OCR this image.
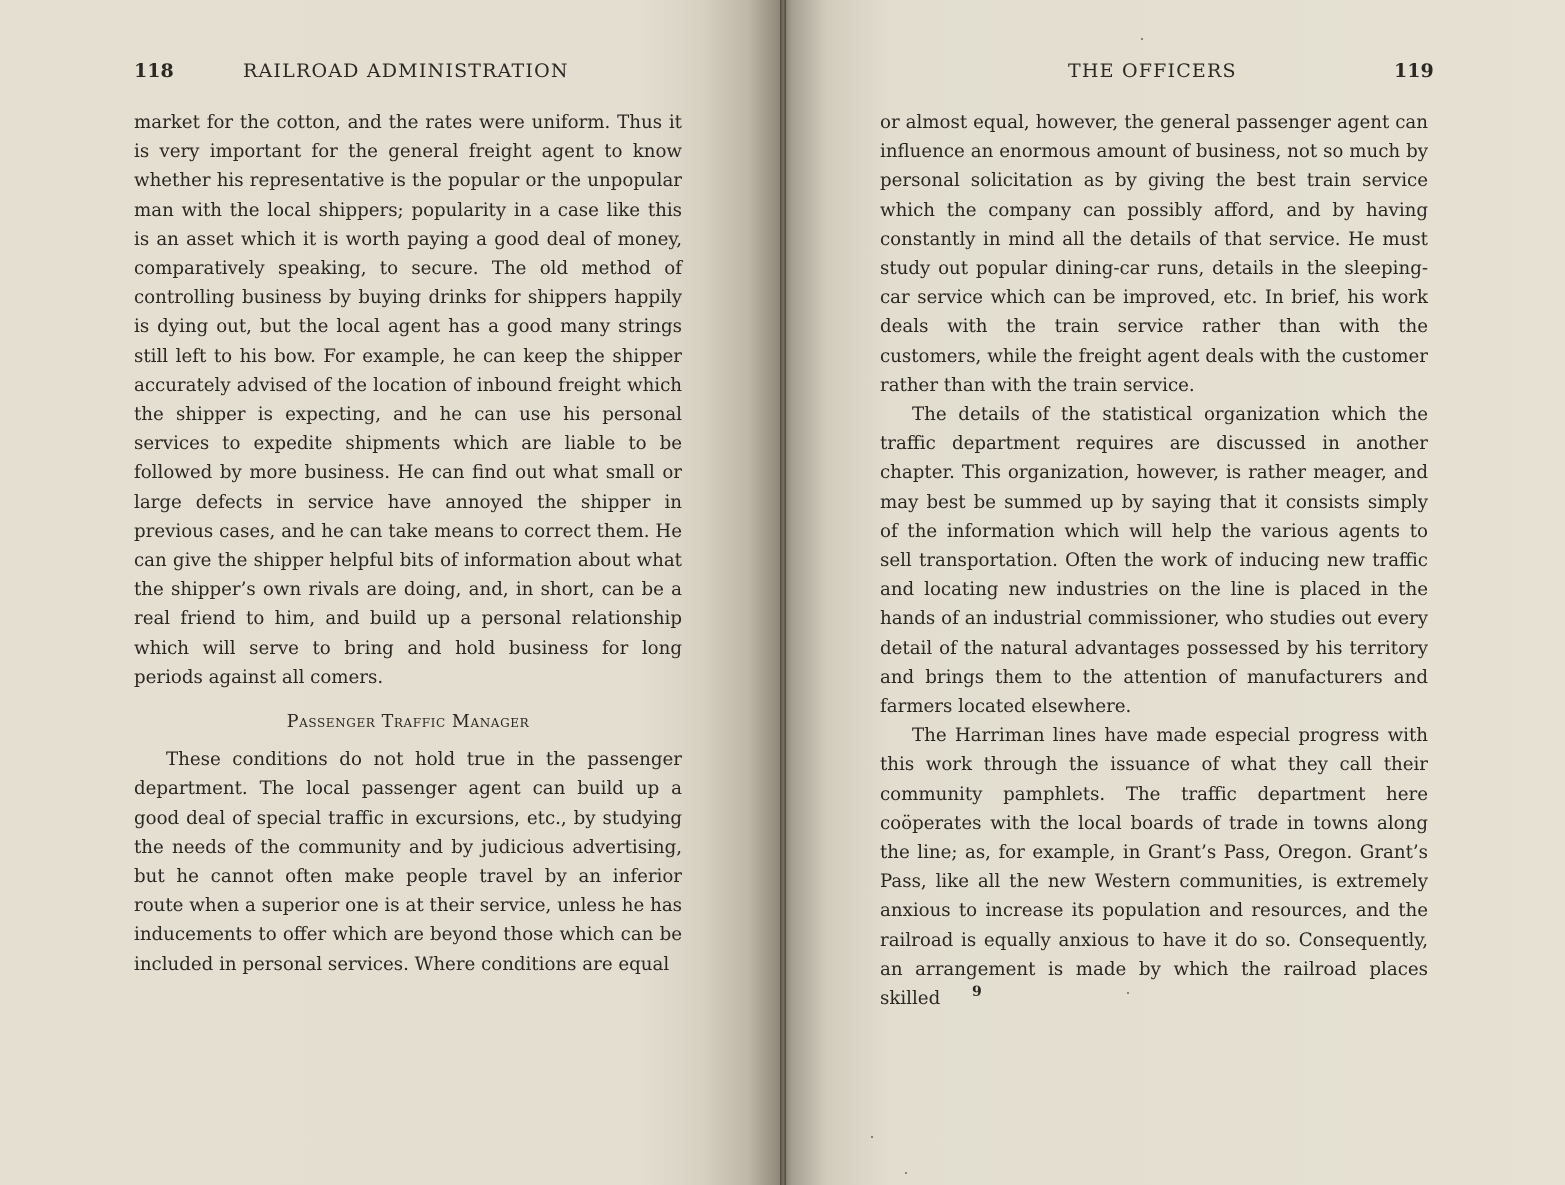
118	RAILROAD ADMINISTRATION

market for the cotton, and the rates were uniform. Thus it is very important for the general freight agent to know whether his representative is the popular or the unpopular man with the local shippers; popularity in a case like this is an asset which it is worth paying a good deal of money, comparatively speaking, to secure. The old method of controlling business by buying drinks for shippers happily is dying out, but the local agent has a good many strings still left to his bow. For example, he can keep the shipper accurately advised of the location of inbound freight which the shipper is expecting, and he can use his personal services to expedite shipments which are liable to be followed by more business. He can find out what small or large defects in service have annoyed the shipper in previous cases, and he can take means to correct them. He can give the shipper helpful bits of information about what the shipper’s own rivals are doing, and, in short, can be a real friend to him, and build up a personal relationship which will serve to bring and hold business for long periods against all comers.

Passenger Traffic Manager

These conditions do not hold true in the passenger department. The local passenger agent can build up a good deal of special traffic in excursions, etc., by studying the needs of the community and by judicious advertising, but he cannot often make people travel by an inferior route when a superior one is at their service, unless he has inducements to offer which are beyond those which can be included in personal services. Where conditions are equal

THE OFFICERS	119

or almost equal, however, the general passenger agent can influence an enormous amount of business, not so much by personal solicitation as by giving the best train service which the company can possibly afford, and by having constantly in mind all the details of that service. He must study out popular dining-car runs, details in the sleeping-car service which can be improved, etc. In brief, his work deals with the train service rather than with the customers, while the freight agent deals with the customer rather than with the train service.

The details of the statistical organization which the traffic department requires are discussed in another chapter. This organization, however, is rather meager, and may best be summed up by saying that it consists simply of the information which will help the various agents to sell transportation. Often the work of inducing new traffic and locating new industries on the line is placed in the hands of an industrial commissioner, who studies out every detail of the natural advantages possessed by his territory and brings them to the attention of manufacturers and farmers located elsewhere.

The Harriman lines have made especial progress with this work through the issuance of what they call their community pamphlets. The traffic department here coöperates with the local boards of trade in towns along the line; as, for example, in Grant’s Pass, Oregon. Grant’s Pass, like all the new Western communities, is extremely anxious to increase its population and resources, and the railroad is equally anxious to have it do so. Consequently, an arrangement is made by which the railroad places skilled	9
